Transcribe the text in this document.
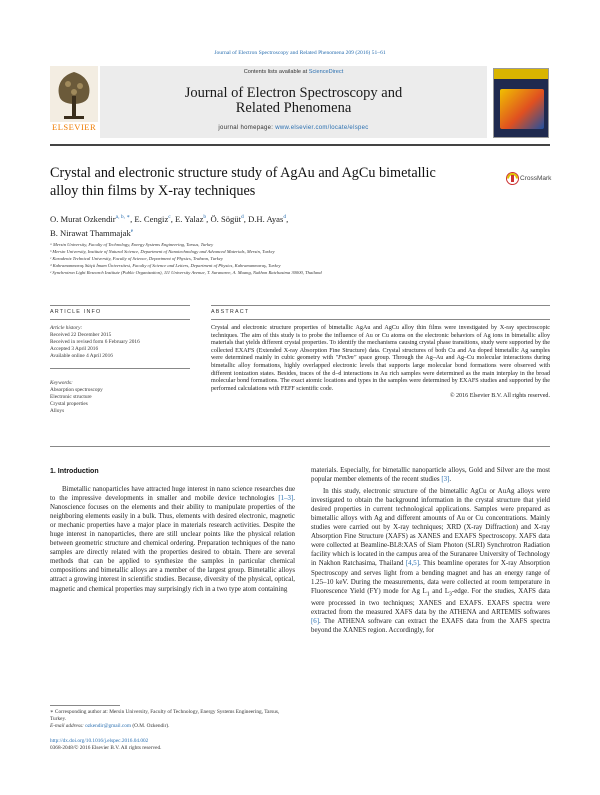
Journal of Electron Spectroscopy and Related Phenomena 209 (2016) 51–61
ELSEVIER
Contents lists available at ScienceDirect
Journal of Electron Spectroscopy and
Related Phenomena
journal homepage: www.elsevier.com/locate/elspec
Crystal and electronic structure study of AgAu and AgCu bimetallic
alloy thin films by X-ray techniques
CrossMark
O. Murat Ozkendir$^{a, b, ∗}$, E. Cengiz$^c$, E. Yalaz$^b$, Ö. Sögüt$^d$, D.H. Ayas$^d$,
B. Nirawat Thammajak$^e$
ᵃ Mersin University, Faculty of Technology, Energy Systems Engineering, Tarsus, Turkey
ᵇ Mersin University, Institute of Natural Science, Department of Nanotechnology and Advanced Materials, Mersin, Turkey
ᶜ Karadeniz Technical University, Faculty of Science, Department of Physics, Trabzon, Turkey
ᵈ Kahramanmaraş Sütçü İmam Üniversitesi, Faculty of Science and Letters, Department of Physics, Kahramanmaraş, Turkey
ᵉ Synchrotron Light Research Institute (Public Organization), 111 University Avenue, T. Suranaree, A. Muang, Nakhon Ratchasima 30000, Thailand
ARTICLE INFO	ABSTRACT
Article history:
Received 22 December 2015
Received in revised form 6 February 2016
Accepted 3 April 2016
Available online 4 April 2016
Keywords:
Absorption spectroscopy
Electronic structure
Crystal properties
Alloys
Crystal and electronic structure properties of bimetallic AgAu and AgCu alloy thin films were investigated by X-ray spectroscopic techniques. The aim of this study is to probe the influence of Au or Cu atoms on the electronic behaviors of Ag ions in bimetallic alloy materials that yields different crystal properties. To identify the mechanisms causing crystal phase transitions, study were supported by the collected EXAFS (Extended X-ray Absorption Fine Structure) data. Crystal structures of both Cu and Au doped bimetallic Ag samples were determined mainly in cubic geometry with "Fm3m" space group. Through the Ag–Au and Ag–Cu molecular interactions during bimetallic alloy formations, highly overlapped electronic levels that supports large molecular bond formations were observed with different ionization states. Besides, traces of the d–d interactions in Au rich samples were determined as the main interplay in the broad molecular bond formations. The exact atomic locations and types in the samples were determined by EXAFS studies and supported by the performed calculations with FEFF scientific code.
© 2016 Elsevier B.V. All rights reserved.
1. Introduction

Bimetallic nanoparticles have attracted huge interest in nano science researches due to the impressive developments in smaller and mobile device technologies [1–3]. Nanoscience focuses on the elements and their ability to manipulate properties of the neighboring elements easily in a bulk. Thus, elements with desired electronic, magnetic or mechanic properties have a major place in materials research activities. Despite the huge interest in nanoparticles, there are still unclear points like the physical relation between geometric structure and chemical ordering. Preparation techniques of the nano samples are directly related with the properties desired to obtain. There are several methods that can be applied to synthesize the samples in particular chemical compositions and bimetallic alloys are a member of the largest group. Bimetallic alloys attract a growing interest in scientific studies. Because, diversity of the physical, optical, magnetic and chemical properties may surprisingly rich in a two type atom containing

materials. Especially, for bimetallic nanoparticle alloys, Gold and Silver are the most popular member elements of the recent studies [3].

In this study, electronic structure of the bimetallic AgCu or AuAg alloys were investigated to obtain the background information in the crystal structure that yield desired properties in current technological applications. Samples were prepared as bimetallic alloys with Ag and different amounts of Au or Cu concentrations. Mainly studies were carried out by X-ray techniques; XRD (X-ray Diffraction) and X-ray Absorption Fine Structure (XAFS) as XANES and EXAFS Spectroscopy. XAFS data were collected at Beamline-BL8:XAS of Siam Photon (SLRI) Synchrotron Radiation facility which is located in the campus area of the Suranaree University of Technology in Nakhon Ratchasima, Thailand [4,5]. This beamline operates for X-ray Absorption Spectroscopy and serves light from a bending magnet and has an energy range of 1.25–10 keV. During the measurements, data were collected at room temperature in Fluorescence Yield (FY) mode for Ag $L_1$ and $L_3$-edge. For the studies, XAFS data were processed in two techniques; XANES and EXAFS. EXAFS spectra were extracted from the measured XAFS data by the ATHENA and ARTEMIS softwares [6]. The ATHENA software can extract the EXAFS data from the XAFS spectra beyond the XANES region. Accordingly, for

∗ Corresponding author at: Mersin University, Faculty of Technology, Energy Systems Engineering, Tarsus, Turkey.
E-mail address: ozkendir@gmail.com (O.M. Ozkendir).
http://dx.doi.org/10.1016/j.elspec.2016.04.002
0368-2048/© 2016 Elsevier B.V. All rights reserved.
